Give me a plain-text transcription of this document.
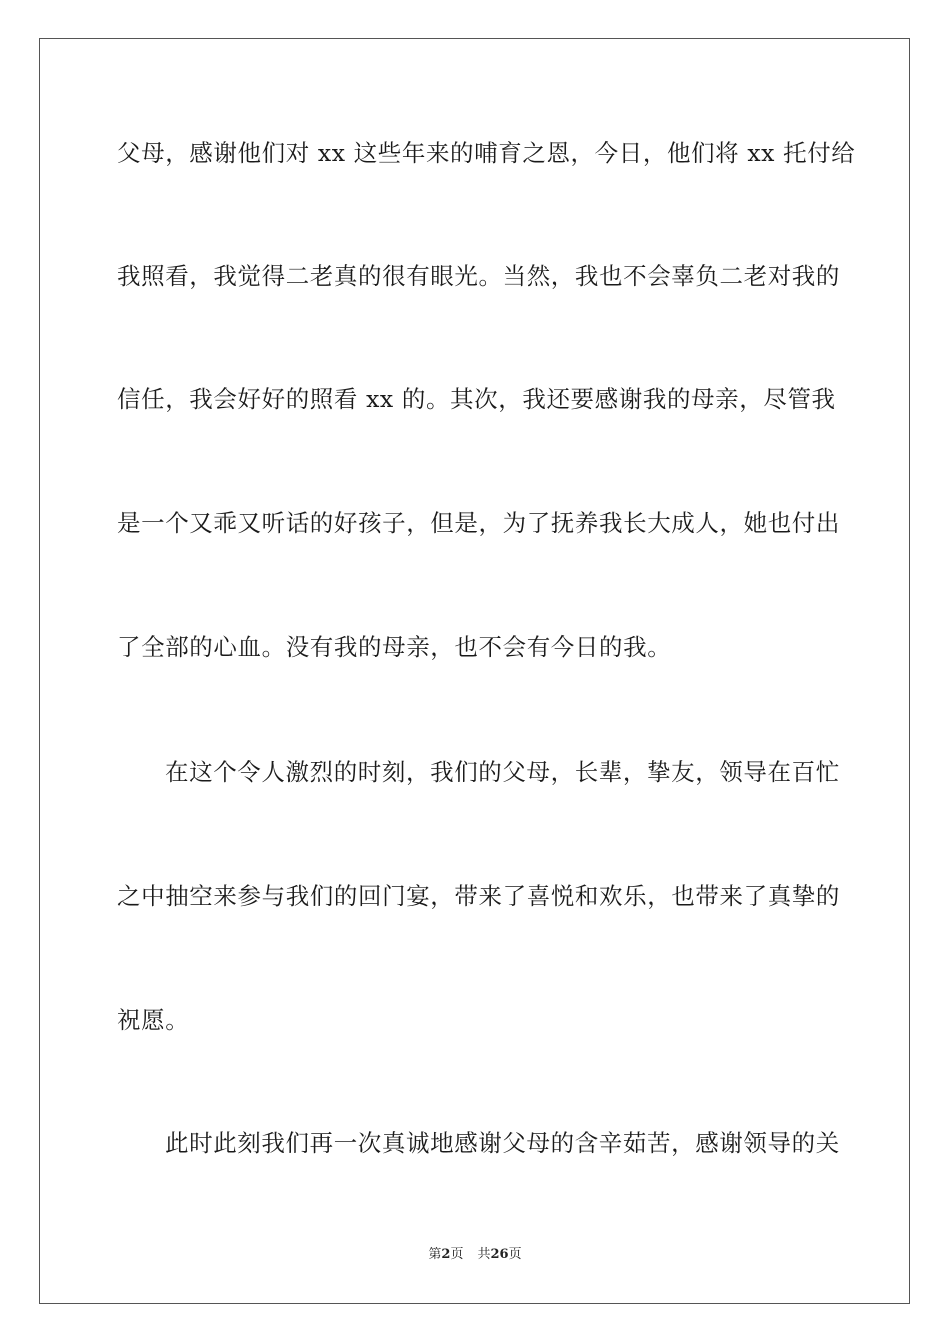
父母，感谢他们对 xx 这些年来的哺育之恩，今日，他们将 xx 托付给
我照看，我觉得二老真的很有眼光。当然，我也不会辜负二老对我的
信任，我会好好的照看 xx 的。其次，我还要感谢我的母亲，尽管我
是一个又乖又听话的好孩子，但是，为了抚养我长大成人，她也付出
了全部的心血。没有我的母亲，也不会有今日的我。
在这个令人激烈的时刻，我们的父母，长辈，挚友，领导在百忙
之中抽空来参与我们的回门宴，带来了喜悦和欢乐，也带来了真挚的
祝愿。
此时此刻我们再一次真诚地感谢父母的含辛茹苦，感谢领导的关
第2页 共26页
